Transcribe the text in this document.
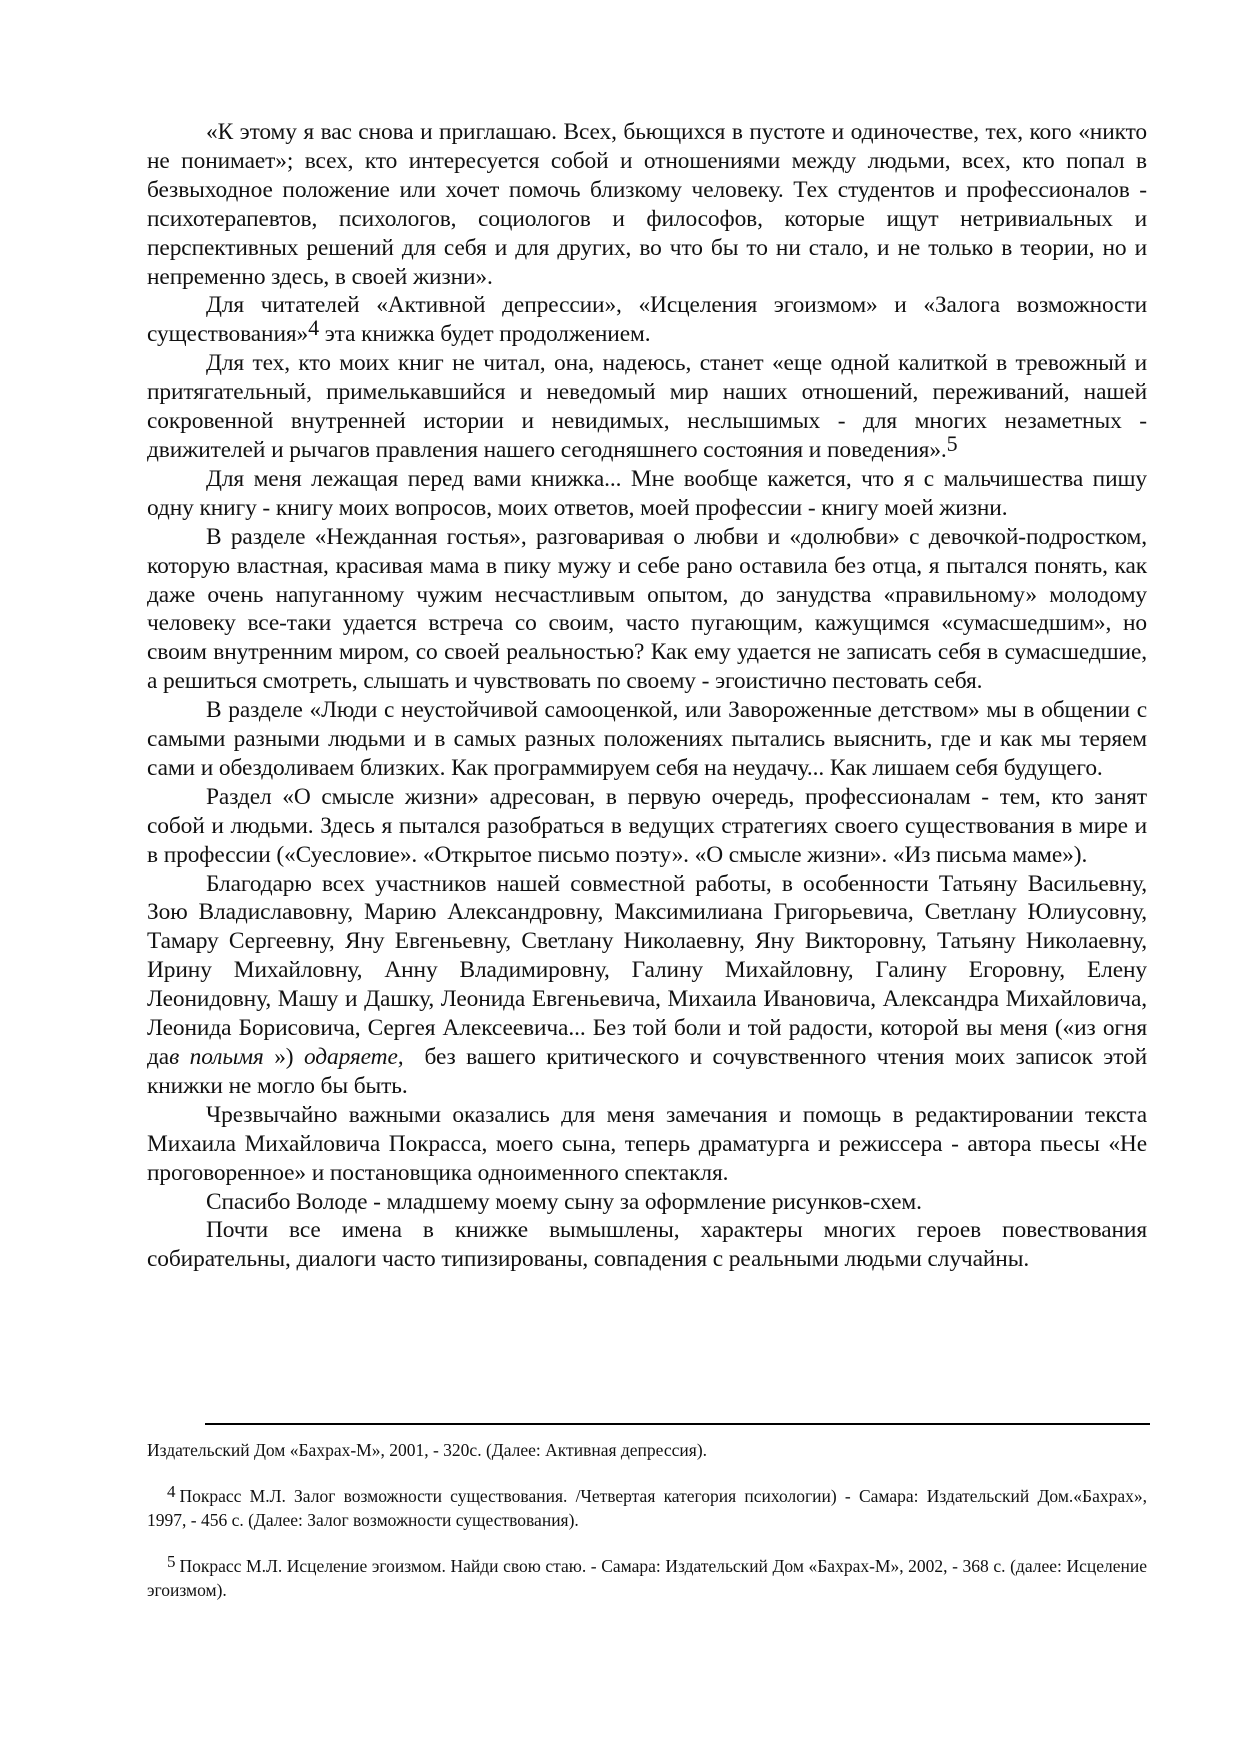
«К этому я вас снова и приглашаю. Всех, бьющихся в пустоте и одиночестве, тех, кого «никто не понимает»; всех, кто интересуется собой и отношениями между людьми, всех, кто попал в безвыходное положение или хочет помочь близкому человеку. Тех студентов и профессионалов - психотерапевтов, психологов, социологов и философов, которые ищут нетривиальных и перспективных решений для себя и для других, во что бы то ни стало, и не только в теории, но и непременно здесь, в своей жизни».

Для читателей «Активной депрессии», «Исцеления эгоизмом» и «Залога возможности существования»$^4$ эта книжка будет продолжением.

Для тех, кто моих книг не читал, она, надеюсь, станет «еще одной калиткой в тревожный и притягательный, примелькавшийся и неведомый мир наших отношений, переживаний, нашей сокровенной внутренней истории и невидимых, неслышимых - для многих незаметных - движителей и рычагов правления нашего сегодняшнего состояния и поведения».$^5$

Для меня лежащая перед вами книжка... Мне вообще кажется, что я с мальчишества пишу одну книгу - книгу моих вопросов, моих ответов, моей профессии - книгу моей жизни.

В разделе «Нежданная гостья», разговаривая о любви и «долюбви» с девочкой-подростком, которую властная, красивая мама в пику мужу и себе рано оставила без отца, я пытался понять, как даже очень напуганному чужим несчастливым опытом, до занудства «правильному» молодому человеку все-таки удается встреча со своим, часто пугающим, кажущимся «сумасшедшим», но своим внутренним миром, со своей реальностью? Как ему удается не записать себя в сумасшедшие, а решиться смотреть, слышать и чувствовать по своему - эгоистично пестовать себя.

В разделе «Люди с неустойчивой самооценкой, или Завороженные детством» мы в общении с самыми разными людьми и в самых разных положениях пытались выяснить, где и как мы теряем сами и обездоливаем близких. Как программируем себя на неудачу... Как лишаем себя будущего.

Раздел «О смысле жизни» адресован, в первую очередь, профессионалам - тем, кто занят собой и людьми. Здесь я пытался разобраться в ведущих стратегиях своего существования в мире и в профессии («Суесловие». «Открытое письмо поэту». «О смысле жизни». «Из письма маме»).

Благодарю всех участников нашей совместной работы, в особенности Татьяну Васильевну, Зою Владиславовну, Марию Александровну, Максимилиана Григорьевича, Светлану Юлиусовну, Тамару Сергеевну, Яну Евгеньевну, Светлану Николаевну, Яну Викторовну, Татьяну Николаевну, Ирину Михайловну, Анну Владимировну, Галину Михайловну, Галину Егоровну, Елену Леонидовну, Машу и Дашку, Леонида Евгеньевича, Михаила Ивановича, Александра Михайловича, Леонида Борисовича, Сергея Алексеевича... Без той боли и той радости, которой вы меня («из огня дав полымя ») одаряете,  без вашего критического и сочувственного чтения моих записок этой книжки не могло бы быть.

Чрезвычайно важными оказались для меня замечания и помощь в редактировании текста Михаила Михайловича Покрасса, моего сына, теперь драматурга и режиссера - автора пьесы «Не проговоренное» и постановщика одноименного спектакля.

Спасибо Володе - младшему моему сыну за оформление рисунков-схем.

Почти все имена в книжке вымышлены, характеры многих героев повествования собирательны, диалоги часто типизированы, совпадения с реальными людьми случайны.

Издательский Дом «Бахрах-М», 2001, - 320с. (Далее: Активная депрессия).

$^4$ Покрасс М.Л. Залог возможности существования. /Четвертая категория психологии) - Самара: Издательский Дом.«Бахрах», 1997, - 456 с. (Далее: Залог возможности существования).

$^5$ Покрасс М.Л. Исцеление эгоизмом. Найди свою стаю. - Самара: Издательский Дом «Бахрах-М», 2002, - 368 с. (далее: Исцеление эгоизмом).
